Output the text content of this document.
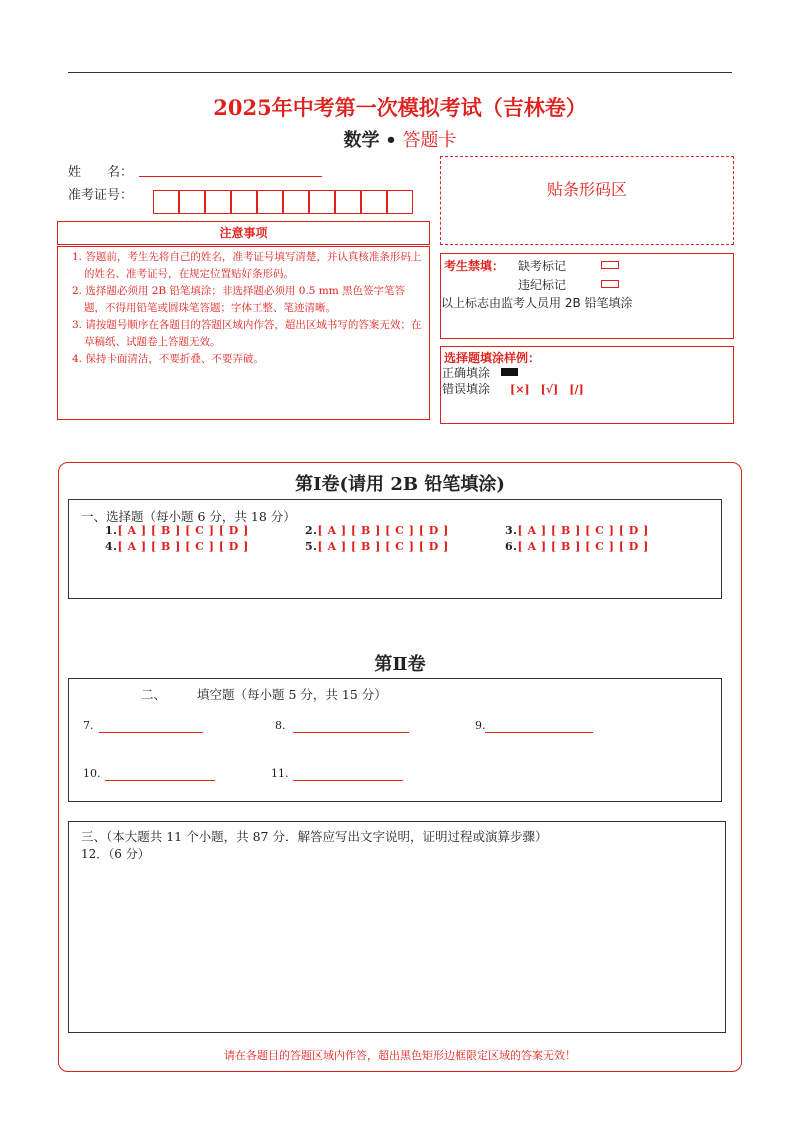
2025年中考第一次模拟考试（吉林卷）
数学 • 答题卡
姓　　名：
准考证号：	贴条形码区
注意事项

1. 答题前，考生先将自己的姓名，准考证号填写清楚，并认真核准条形码上的姓名、准考证号，在规定位置贴好条形码。

2. 选择题必须用 2B 铅笔填涂；非选择题必须用 0.5 mm 黑色签字笔答题，不得用铅笔或圆珠笔答题；字体工整、笔迹清晰。

3. 请按题号顺序在各题目的答题区域内作答，超出区域书写的答案无效；在草稿纸、试题卷上答题无效。

4. 保持卡面清洁，不要折叠、不要弄破。

考生禁填： 缺考标记
违纪标记
以上标志由监考人员用 2B 铅笔填涂
选择题填涂样例：
正确填涂
错误填涂 [×]　[√]　[/]
第Ⅰ卷(请用 2B 铅笔填涂)
一、选择题（每小题 6 分，共 18 分）
1.[ A ] [ B ] [ C ] [ D ]	2.[ A ] [ B ] [ C ] [ D ]	3.[ A ] [ B ] [ C ] [ D ]
4.[ A ] [ B ] [ C ] [ D ]	5.[ A ] [ B ] [ C ] [ D ]	6.[ A ] [ B ] [ C ] [ D ]
第Ⅱ卷
二、 填空题（每小题 5 分，共 15 分）
7.	8.	9.
10.	11.
三、（本大题共 11 个小题，共 87 分．解答应写出文字说明，证明过程或演算步骤）
12．（6 分）
请在各题目的答题区域内作答，超出黑色矩形边框限定区域的答案无效！
